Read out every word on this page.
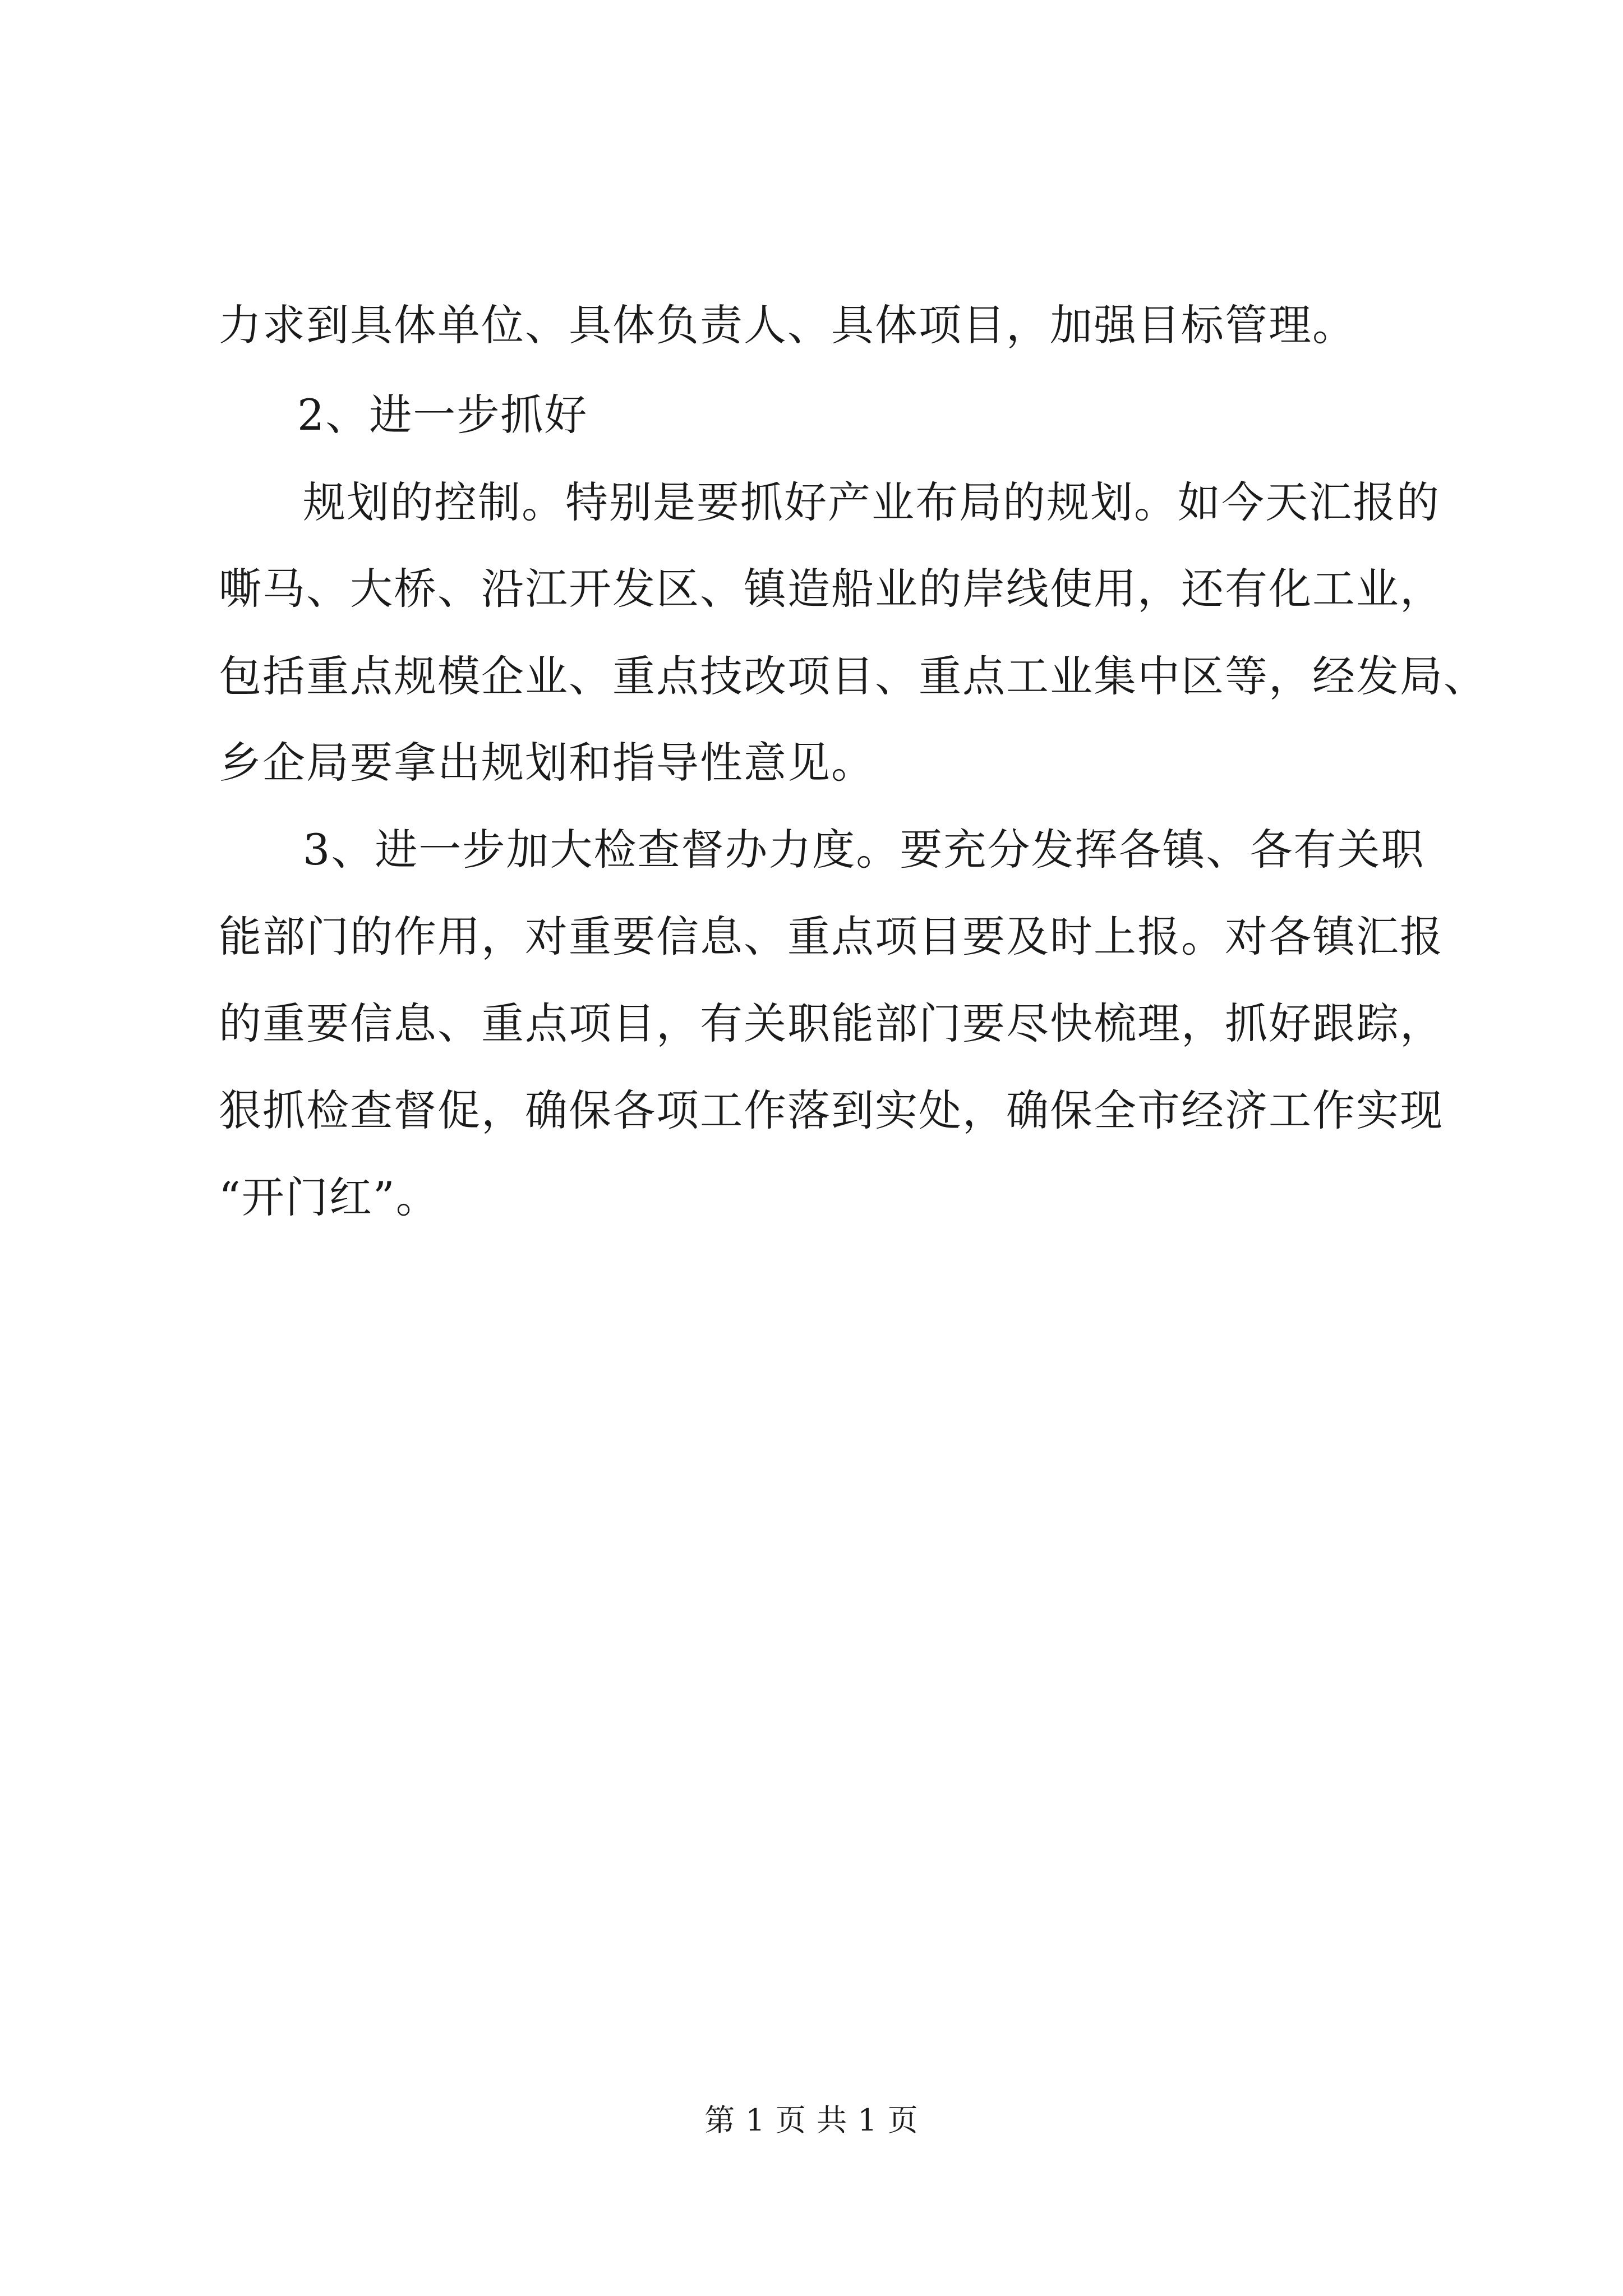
力求到具体单位、具体负责人、具体项目，加强目标管理。
2、进一步抓好
规划的控制。特别是要抓好产业布局的规划。如今天汇报的
嘶马、大桥、沿江开发区、镇造船业的岸线使用，还有化工业，
包括重点规模企业、重点技改项目、重点工业集中区等，经发局、
乡企局要拿出规划和指导性意见。
3、进一步加大检查督办力度。要充分发挥各镇、各有关职
能部门的作用，对重要信息、重点项目要及时上报。对各镇汇报
的重要信息、重点项目，有关职能部门要尽快梳理，抓好跟踪，
狠抓检查督促，确保各项工作落到实处，确保全市经济工作实现
“开门红”。
第 1 页 共 1 页
